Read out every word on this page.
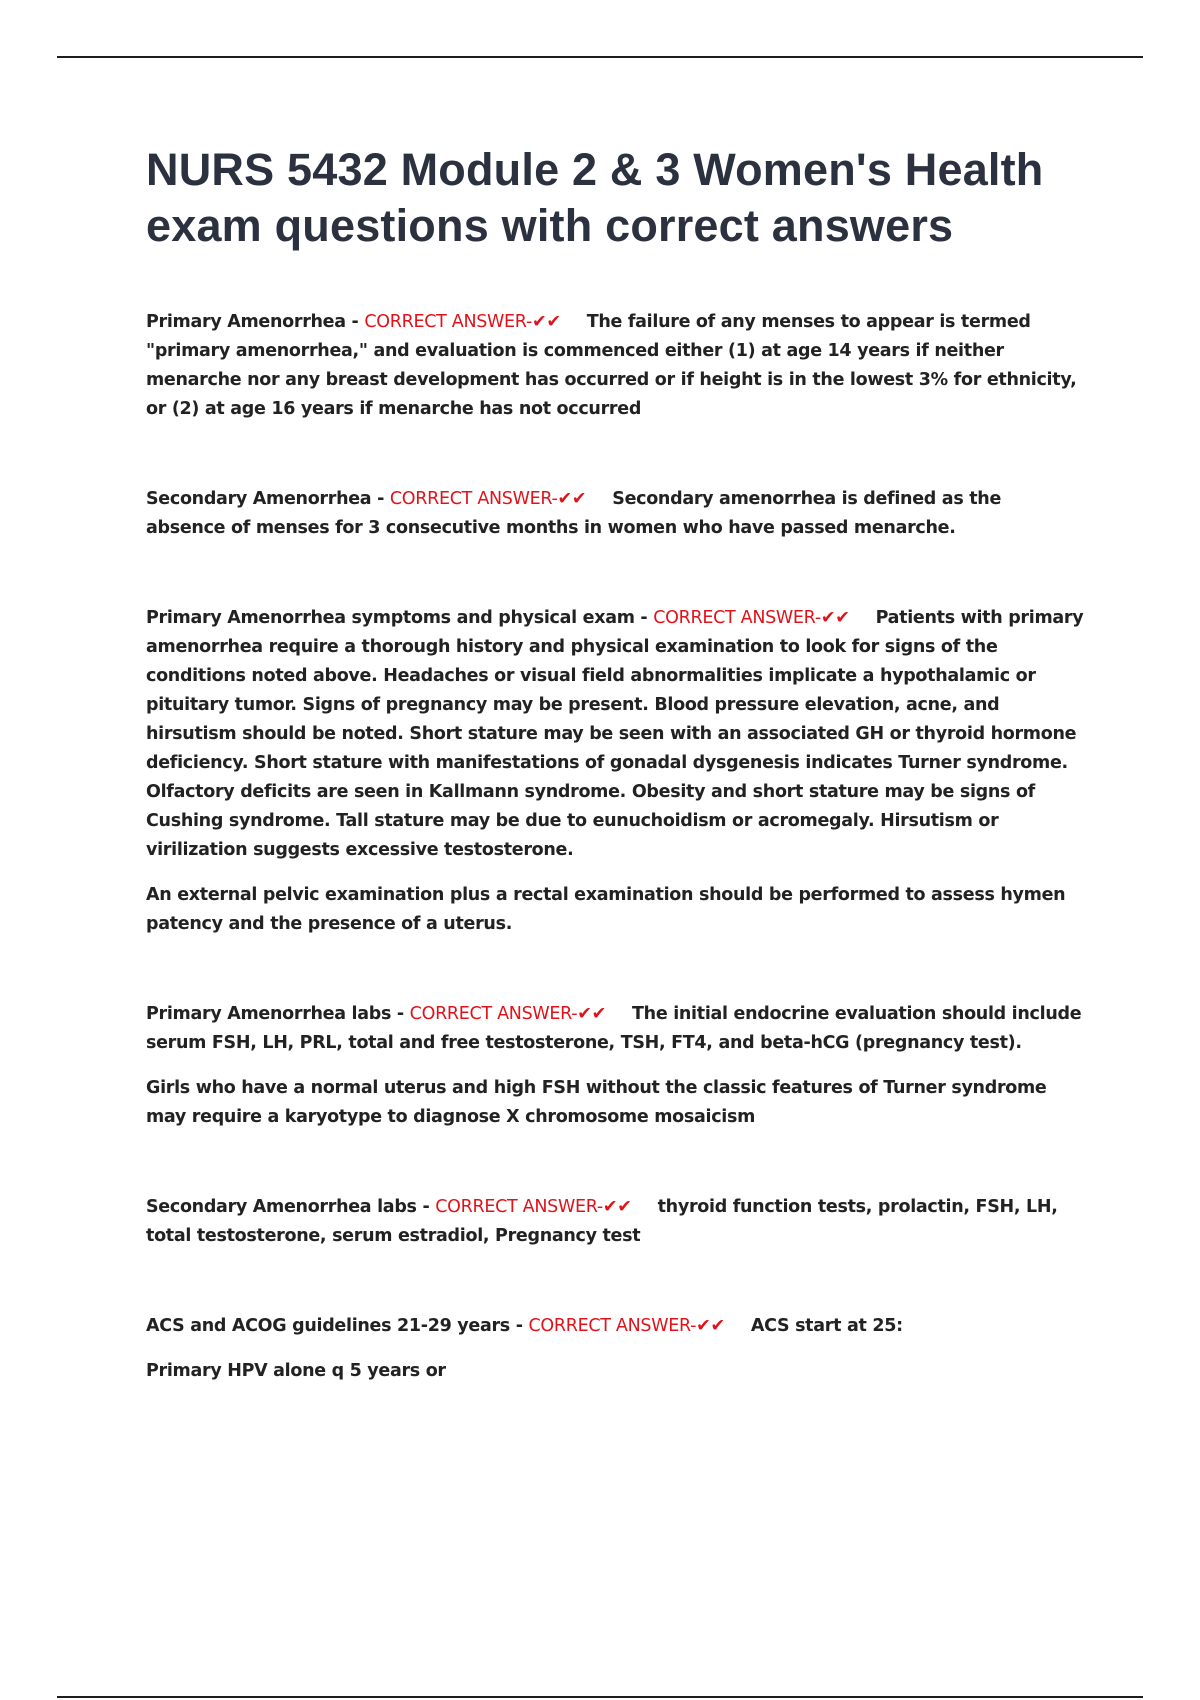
NURS 5432 Module 2 & 3 Women's Health exam questions with correct answers

Primary Amenorrhea - CORRECT ANSWER-✔✔ The failure of any menses to appear is termed "primary amenorrhea," and evaluation is commenced either (1) at age 14 years if neither menarche nor any breast development has occurred or if height is in the lowest 3% for ethnicity, or (2) at age 16 years if menarche has not occurred

Secondary Amenorrhea - CORRECT ANSWER-✔✔ Secondary amenorrhea is defined as the absence of menses for 3 consecutive months in women who have passed menarche.

Primary Amenorrhea symptoms and physical exam - CORRECT ANSWER-✔✔ Patients with primary amenorrhea require a thorough history and physical examination to look for signs of the conditions noted above. Headaches or visual field abnormalities implicate a hypothalamic or pituitary tumor. Signs of pregnancy may be present. Blood pressure elevation, acne, and hirsutism should be noted. Short stature may be seen with an associated GH or thyroid hormone deficiency. Short stature with manifestations of gonadal dysgenesis indicates Turner syndrome. Olfactory deficits are seen in Kallmann syndrome. Obesity and short stature may be signs of Cushing syndrome. Tall stature may be due to eunuchoidism or acromegaly. Hirsutism or virilization suggests excessive testosterone.

An external pelvic examination plus a rectal examination should be performed to assess hymen patency and the presence of a uterus.

Primary Amenorrhea labs - CORRECT ANSWER-✔✔ The initial endocrine evaluation should include serum FSH, LH, PRL, total and free testosterone, TSH, FT4, and beta-hCG (pregnancy test).

Girls who have a normal uterus and high FSH without the classic features of Turner syndrome may require a karyotype to diagnose X chromosome mosaicism

Secondary Amenorrhea labs - CORRECT ANSWER-✔✔ thyroid function tests, prolactin, FSH, LH, total testosterone, serum estradiol, Pregnancy test

ACS and ACOG guidelines 21-29 years - CORRECT ANSWER-✔✔ ACS start at 25:

Primary HPV alone q 5 years or
